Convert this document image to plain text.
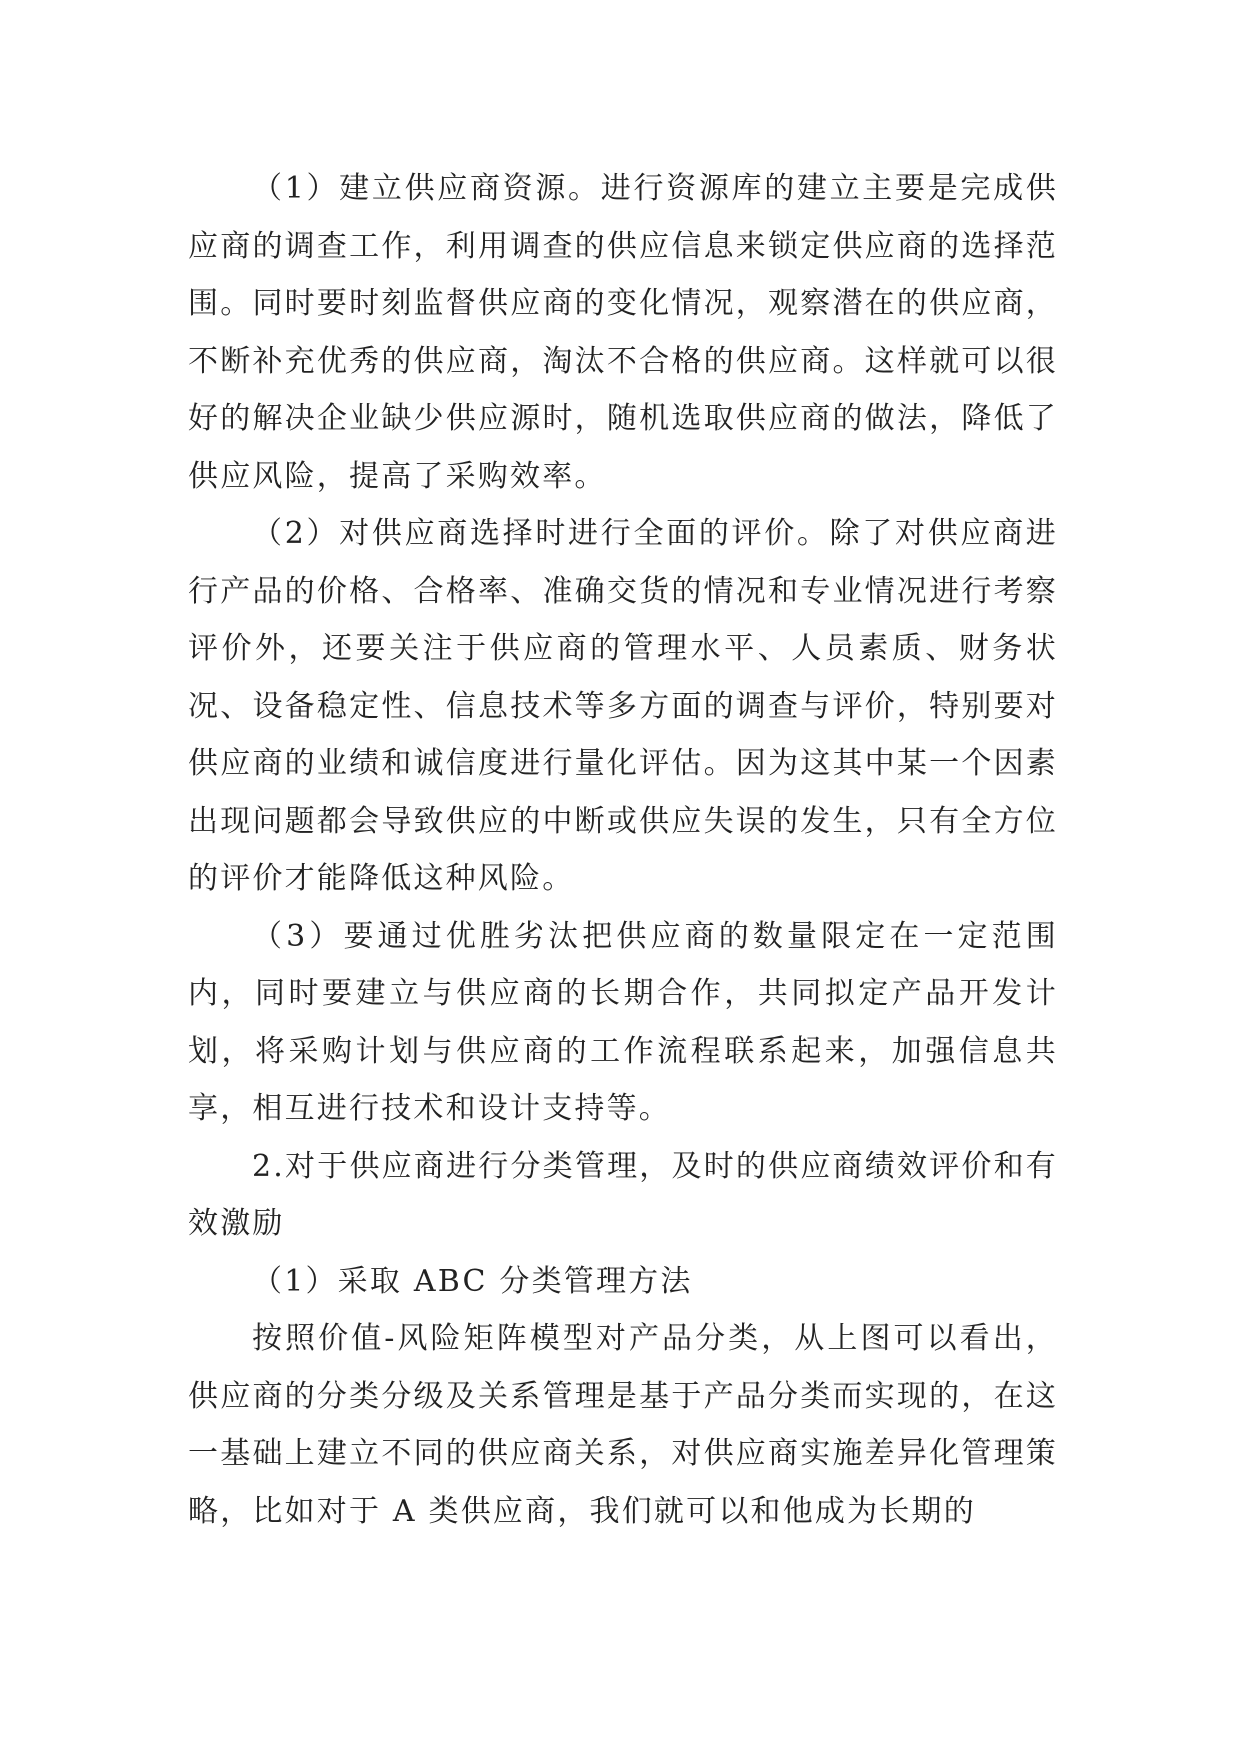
（1）建立供应商资源。进行资源库的建立主要是完成供应商的调查工作，利用调查的供应信息来锁定供应商的选择范围。同时要时刻监督供应商的变化情况，观察潜在的供应商，不断补充优秀的供应商，淘汰不合格的供应商。这样就可以很好的解决企业缺少供应源时，随机选取供应商的做法，降低了供应风险，提高了采购效率。

（2）对供应商选择时进行全面的评价。除了对供应商进行产品的价格、合格率、准确交货的情况和专业情况进行考察评价外，还要关注于供应商的管理水平、人员素质、财务状况、设备稳定性、信息技术等多方面的调查与评价，特别要对供应商的业绩和诚信度进行量化评估。因为这其中某一个因素出现问题都会导致供应的中断或供应失误的发生，只有全方位的评价才能降低这种风险。

（3）要通过优胜劣汰把供应商的数量限定在一定范围内，同时要建立与供应商的长期合作，共同拟定产品开发计划，将采购计划与供应商的工作流程联系起来，加强信息共享，相互进行技术和设计支持等。

2.对于供应商进行分类管理，及时的供应商绩效评价和有效激励

（1）采取 ABC 分类管理方法

按照价值-风险矩阵模型对产品分类，从上图可以看出，供应商的分类分级及关系管理是基于产品分类而实现的，在这一基础上建立不同的供应商关系，对供应商实施差异化管理策略，比如对于 A 类供应商，我们就可以和他成为长期的
